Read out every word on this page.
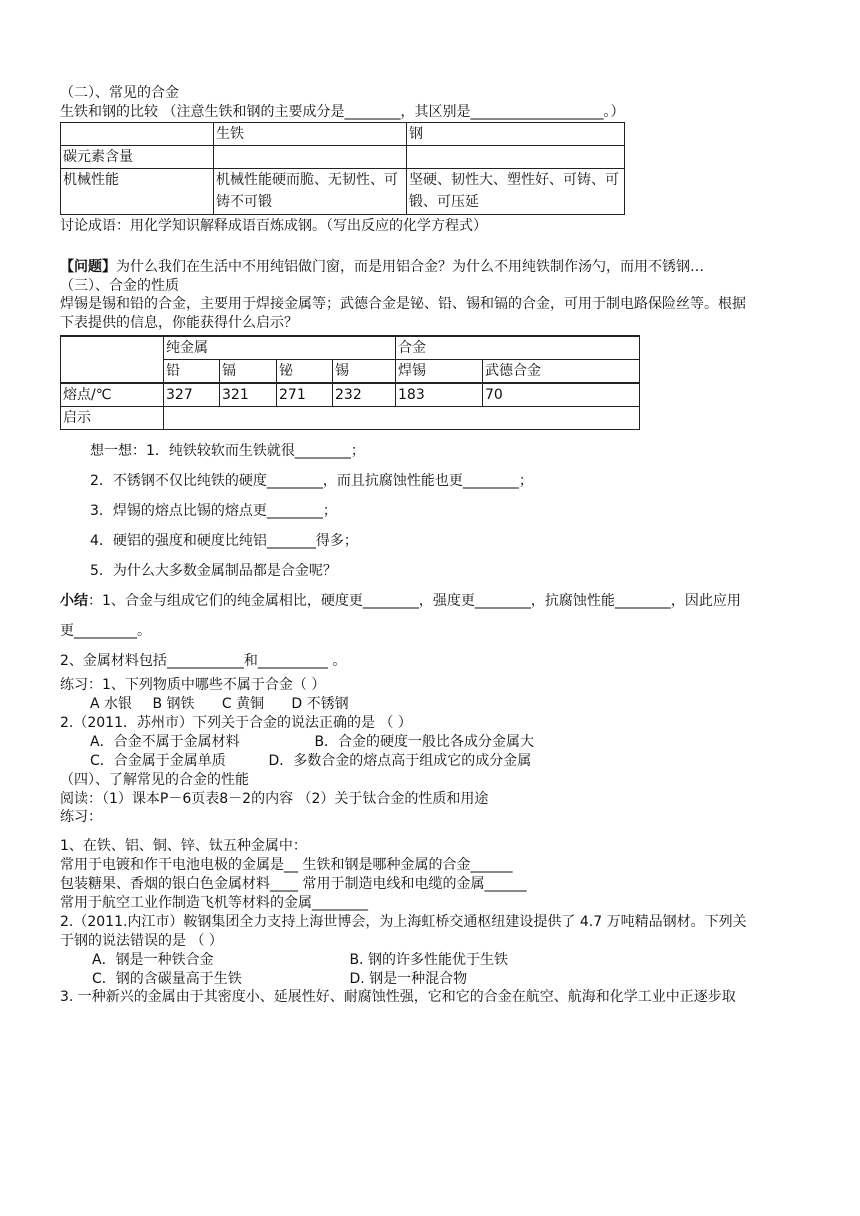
（二）、常见的合金
生铁和钢的比较 （注意生铁和钢的主要成分是________，其区别是___________________。）
	生铁	钢
碳元素含量		
机械性能	机械性能硬而脆、无韧性、可铸不可锻	坚硬、韧性大、塑性好、可铸、可锻、可压延
讨论成语：用化学知识解释成语百炼成钢。（写出反应的化学方程式）
【问题】为什么我们在生活中不用纯铝做门窗，而是用铝合金？为什么不用纯铁制作汤勺，而用不锈钢…
（三）、合金的性质
焊锡是锡和铅的合金，主要用于焊接金属等；武德合金是铋、铅、锡和镉的合金，可用于制电路保险丝等。根据
下表提供的信息，你能获得什么启示？
	纯金属				合金	
	铅	镉	铋	锡	焊锡	武德合金
熔点/℃	327	321	271	232	183	70
启示						
想一想：1．纯铁较软而生铁就很________；
2．不锈钢不仅比纯铁的硬度________，而且抗腐蚀性能也更________；
3．焊锡的熔点比锡的熔点更________；
4．硬铝的强度和硬度比纯铝_______得多；
5．为什么大多数金属制品都是合金呢？
小结：1、合金与组成它们的纯金属相比，硬度更________，强度更________，抗腐蚀性能________，因此应用
更_________。
2、金属材料包括___________和__________ 。
练习：1、下列物质中哪些不属于合金（ ）
A 水银 B 钢铁 C 黄铜 D 不锈钢
2.（2011．苏州市）下列关于合金的说法正确的是 （ ）
A．合金不属于金属材料	B．合金的硬度一般比各成分金属大
C．合金属于金属单质	D．多数合金的熔点高于组成它的成分金属
（四）、了解常见的合金的性能
阅读：（1）课本P－6页表8－2的内容 （2）关于钛合金的性质和用途
练习：
1、在铁、铝、铜、锌、钛五种金属中：
常用于电镀和作干电池电极的金属是__ 生铁和钢是哪种金属的合金______
包装糖果、香烟的银白色金属材料____ 常用于制造电线和电缆的金属______
常用于航空工业作制造飞机等材料的金属________
2.（2011.内江市）鞍钢集团全力支持上海世博会，为上海虹桥交通枢纽建设提供了 4.7 万吨精品钢材。下列关
于钢的说法错误的是 （ ）
A．钢是一种铁合金	B. 钢的许多性能优于生铁
C．钢的含碳量高于生铁	D. 钢是一种混合物
3. 一种新兴的金属由于其密度小、延展性好、耐腐蚀性强，它和它的合金在航空、航海和化学工业中正逐步取
